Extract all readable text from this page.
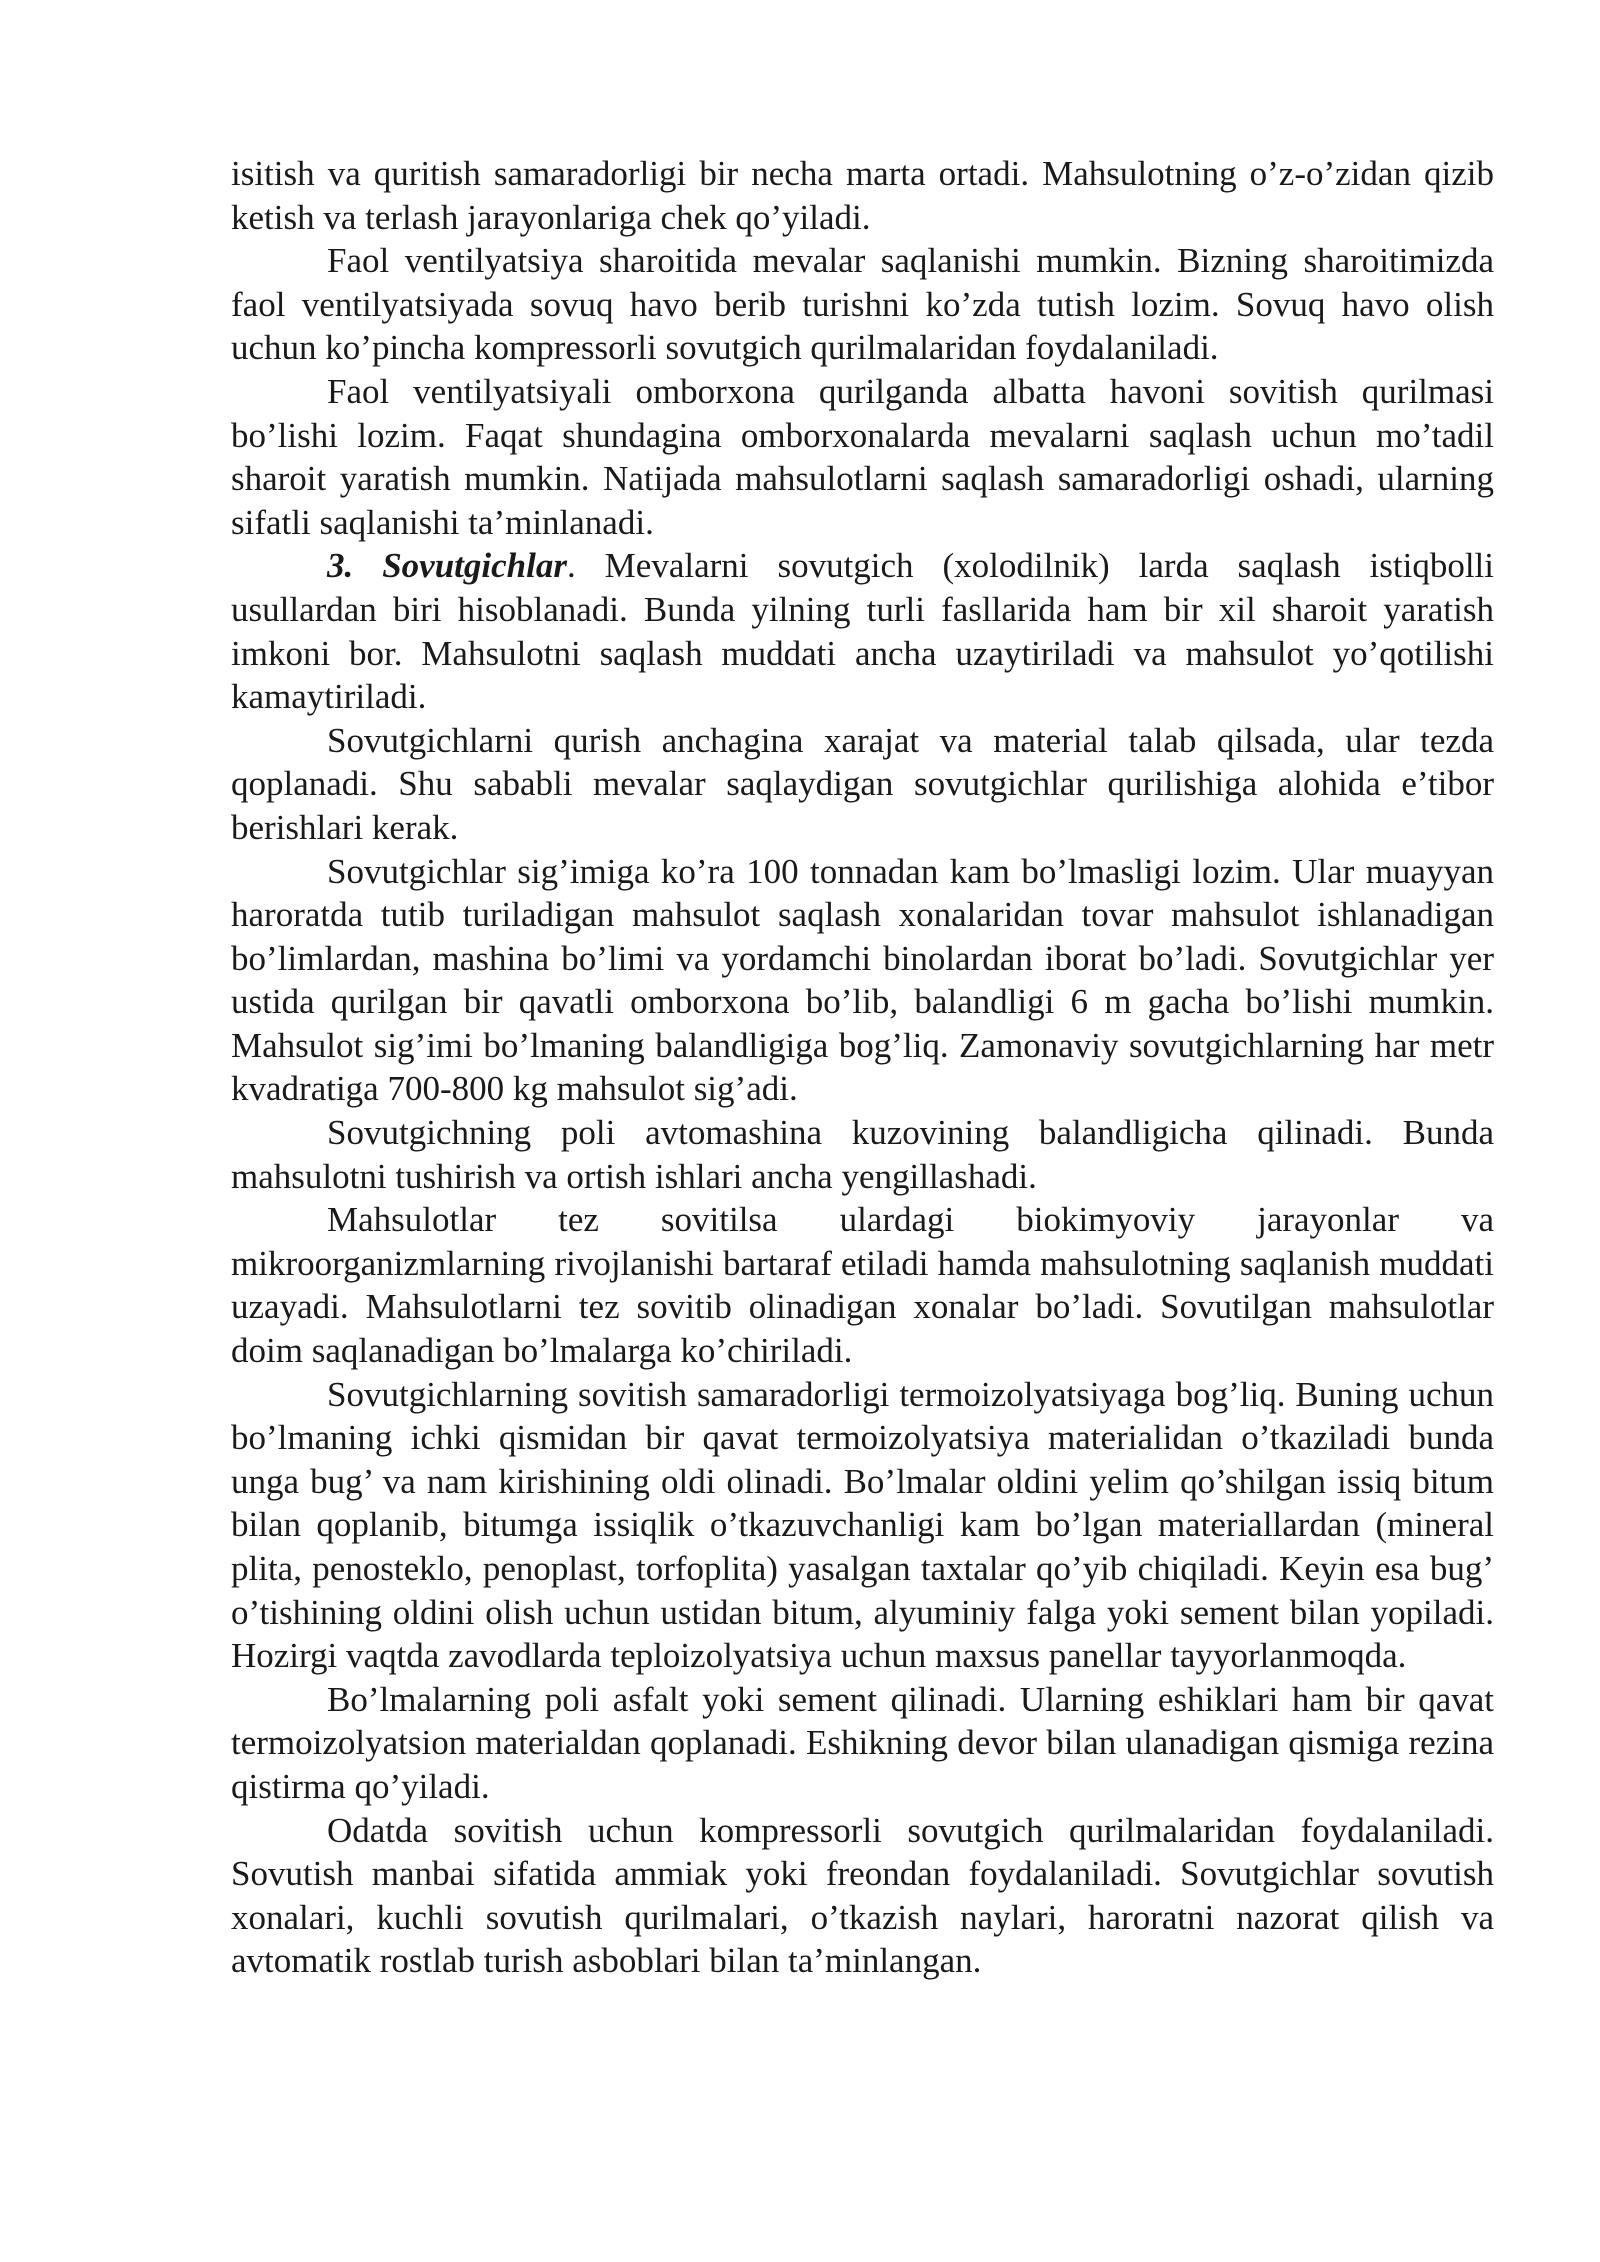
isitish va quritish samaradorligi bir necha marta ortadi. Mahsulotning o’z-o’zidan qizib ketish va terlash jarayonlariga chek qo’yiladi.

Faol ventilyatsiya sharoitida mevalar saqlanishi mumkin. Bizning sharoitimizda faol ventilyatsiyada sovuq havo berib turishni ko’zda tutish lozim. Sovuq havo olish uchun ko’pincha kompressorli sovutgich qurilmalaridan foydalaniladi.

Faol ventilyatsiyali omborxona qurilganda albatta havoni sovitish qurilmasi bo’lishi lozim. Faqat shundagina omborxonalarda mevalarni saqlash uchun mo’tadil sharoit yaratish mumkin. Natijada mahsulotlarni saqlash samaradorligi oshadi, ularning sifatli saqlanishi ta’minlanadi.

3. Sovutgichlar. Mevalarni sovutgich (xolodilnik) larda saqlash istiqbolli usullardan biri hisoblanadi. Bunda yilning turli fasllarida ham bir xil sharoit yaratish imkoni bor. Mahsulotni saqlash muddati ancha uzaytiriladi va mahsulot yo’qotilishi kamaytiriladi.

Sovutgichlarni qurish anchagina xarajat va material talab qilsada, ular tezda qoplanadi. Shu sababli mevalar saqlaydigan sovutgichlar qurilishiga alohida e’tibor berishlari kerak.

Sovutgichlar sig’imiga ko’ra 100 tonnadan kam bo’lmasligi lozim. Ular muayyan haroratda tutib turiladigan mahsulot saqlash xonalaridan tovar mahsulot ishlanadigan bo’limlardan, mashina bo’limi va yordamchi binolardan iborat bo’ladi. Sovutgichlar yer ustida qurilgan bir qavatli omborxona bo’lib, balandligi 6 m gacha bo’lishi mumkin. Mahsulot sig’imi bo’lmaning balandligiga bog’liq. Zamonaviy sovutgichlarning har metr kvadratiga 700-800 kg mahsulot sig’adi.

Sovutgichning poli avtomashina kuzovining balandligicha qilinadi. Bunda mahsulotni tushirish va ortish ishlari ancha yengillashadi.

Mahsulotlar tez sovitilsa ulardagi biokimyoviy jarayonlar va mikroorganizmlarning rivojlanishi bartaraf etiladi hamda mahsulotning saqlanish muddati uzayadi. Mahsulotlarni tez sovitib olinadigan xonalar bo’ladi. Sovutilgan mahsulotlar doim saqlanadigan bo’lmalarga ko’chiriladi.

Sovutgichlarning sovitish samaradorligi termoizolyatsiyaga bog’liq. Buning uchun bo’lmaning ichki qismidan bir qavat termoizolyatsiya materialidan o’tkaziladi bunda unga bug’ va nam kirishining oldi olinadi. Bo’lmalar oldini yelim qo’shilgan issiq bitum bilan qoplanib, bitumga issiqlik o’tkazuvchanligi kam bo’lgan materiallardan (mineral plita, penosteklo, penoplast, torfoplita) yasalgan taxtalar qo’yib chiqiladi. Keyin esa bug’ o’tishining oldini olish uchun ustidan bitum, alyuminiy falga yoki sement bilan yopiladi. Hozirgi vaqtda zavodlarda teploizolyatsiya uchun maxsus panellar tayyorlanmoqda.

Bo’lmalarning poli asfalt yoki sement qilinadi. Ularning eshiklari ham bir qavat termoizolyatsion materialdan qoplanadi. Eshikning devor bilan ulanadigan qismiga rezina qistirma qo’yiladi.

Odatda sovitish uchun kompressorli sovutgich qurilmalaridan foydalaniladi. Sovutish manbai sifatida ammiak yoki freondan foydalaniladi. Sovutgichlar sovutish xonalari, kuchli sovutish qurilmalari, o’tkazish naylari, haroratni nazorat qilish va avtomatik rostlab turish asboblari bilan ta’minlangan.
